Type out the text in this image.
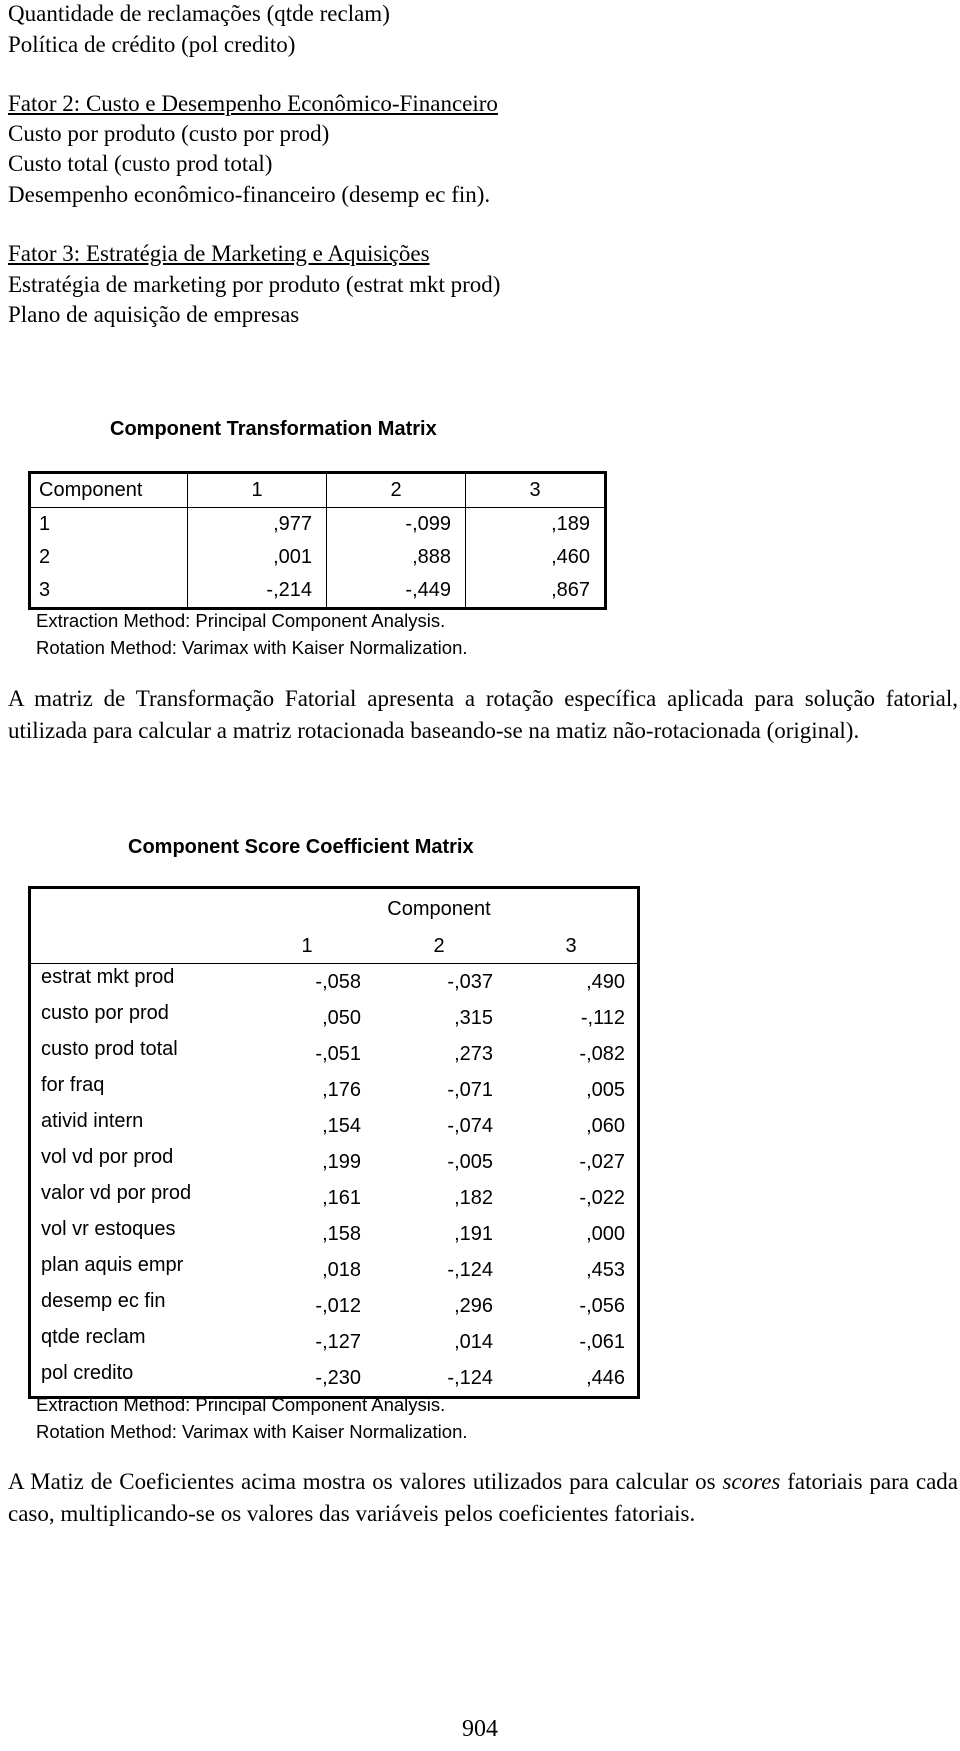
Quantidade de reclamações (qtde reclam)
Política de crédito (pol credito)
Fator 2: Custo e Desempenho Econômico-Financeiro
Custo por produto (custo por prod)
Custo total (custo prod total)
Desempenho econômico-financeiro (desemp ec fin).
Fator 3: Estratégia de Marketing e Aquisições
Estratégia de marketing por produto (estrat mkt prod)
Plano de aquisição de empresas
Component Transformation Matrix
Component	1	2	3
1	,977	-,099	,189
2	,001	,888	,460
3	-,214	-,449	,867
Extraction Method: Principal Component Analysis.
Rotation Method: Varimax with Kaiser Normalization.
A matriz de Transformação Fatorial apresenta a rotação específica aplicada para solução fatorial, utilizada para calcular a matriz rotacionada baseando-se na matiz não-rotacionada (original).
Component Score Coefficient Matrix
	Component		
	1	2	3
estrat mkt prod	-,058	-,037	,490
custo por prod	,050	,315	-,112
custo prod total	-,051	,273	-,082
for fraq	,176	-,071	,005
ativid intern	,154	-,074	,060
vol vd por prod	,199	-,005	-,027
valor vd por prod	,161	,182	-,022
vol vr estoques	,158	,191	,000
plan aquis empr	,018	-,124	,453
desemp ec fin	-,012	,296	-,056
qtde reclam	-,127	,014	-,061
pol credito	-,230	-,124	,446
Extraction Method: Principal Component Analysis.
Rotation Method: Varimax with Kaiser Normalization.
A Matiz de Coeficientes acima mostra os valores utilizados para calcular os scores fatoriais para cada caso, multiplicando-se os valores das variáveis pelos coeficientes fatoriais.
904
